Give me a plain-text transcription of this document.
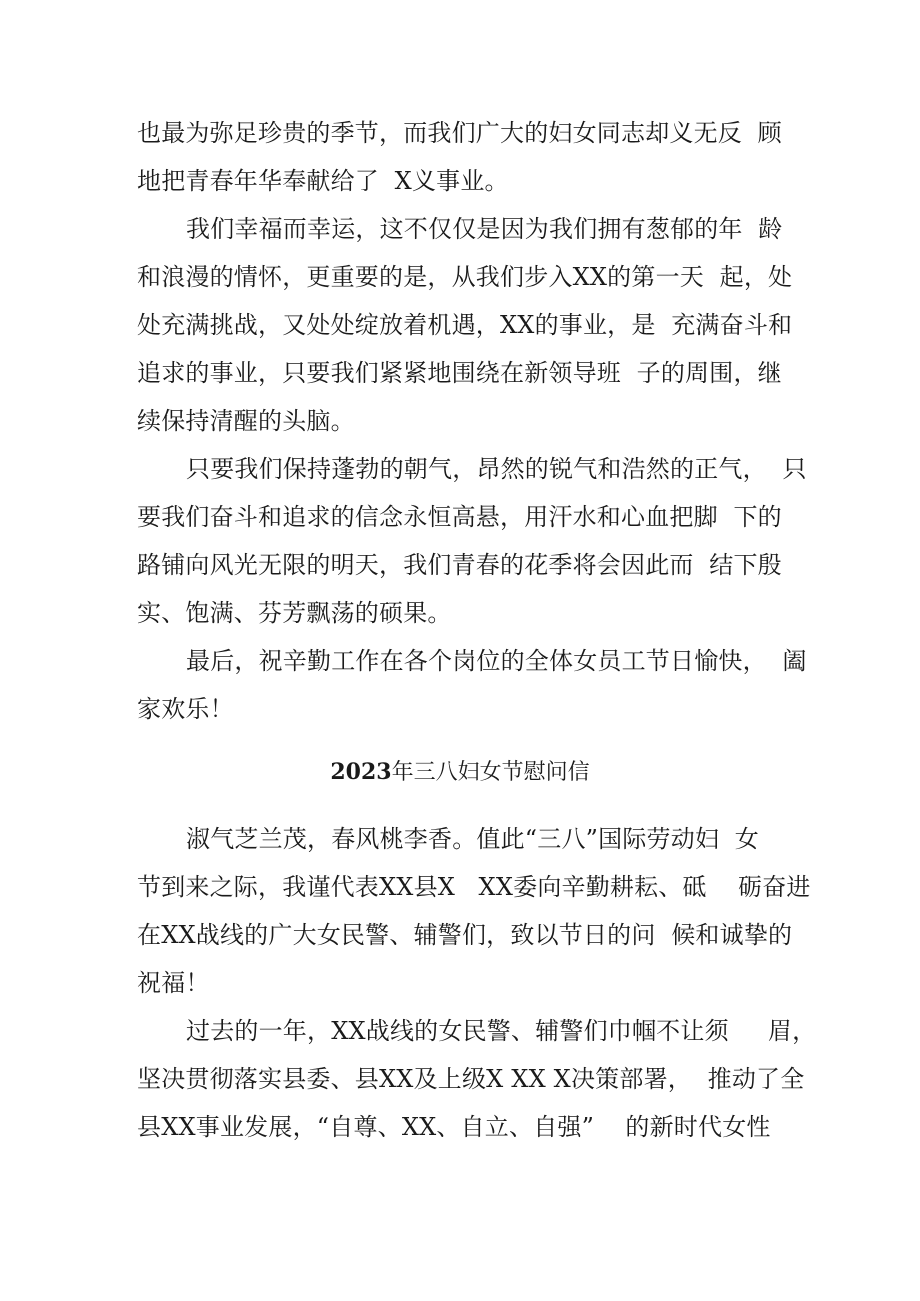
也最为弥足珍贵的季节，而我们广大的妇女同志却义无反  顾
地把青春年华奉献给了  X义事业。
我们幸福而幸运，这不仅仅是因为我们拥有葱郁的年  龄
和浪漫的情怀，更重要的是，从我们步入XX的第一天  起，处
处充满挑战，又处处绽放着机遇，XX的事业，是  充满奋斗和
追求的事业，只要我们紧紧地围绕在新领导班  子的周围，继
续保持清醒的头脑。
只要我们保持蓬勃的朝气，昂然的锐气和浩然的正气，  只
要我们奋斗和追求的信念永恒高悬，用汗水和心血把脚  下的
路铺向风光无限的明天，我们青春的花季将会因此而  结下殷
实、饱满、芬芳飘荡的硕果。
最后，祝辛勤工作在各个岗位的全体女员工节日愉快，  阖
家欢乐！
2023年三八妇女节慰问信
淑气芝兰茂，春风桃李香。值此“三八”国际劳动妇  女
节到来之际，我谨代表XX县X   XX委向辛勤耕耘、砥    砺奋进
在XX战线的广大女民警、辅警们，致以节日的问  候和诚挚的
祝福！
过去的一年，XX战线的女民警、辅警们巾帼不让须     眉，
坚决贯彻落实县委、县XX及上级X XX X决策部署，  推动了全
县XX事业发展，“自尊、XX、自立、自强”    的新时代女性
